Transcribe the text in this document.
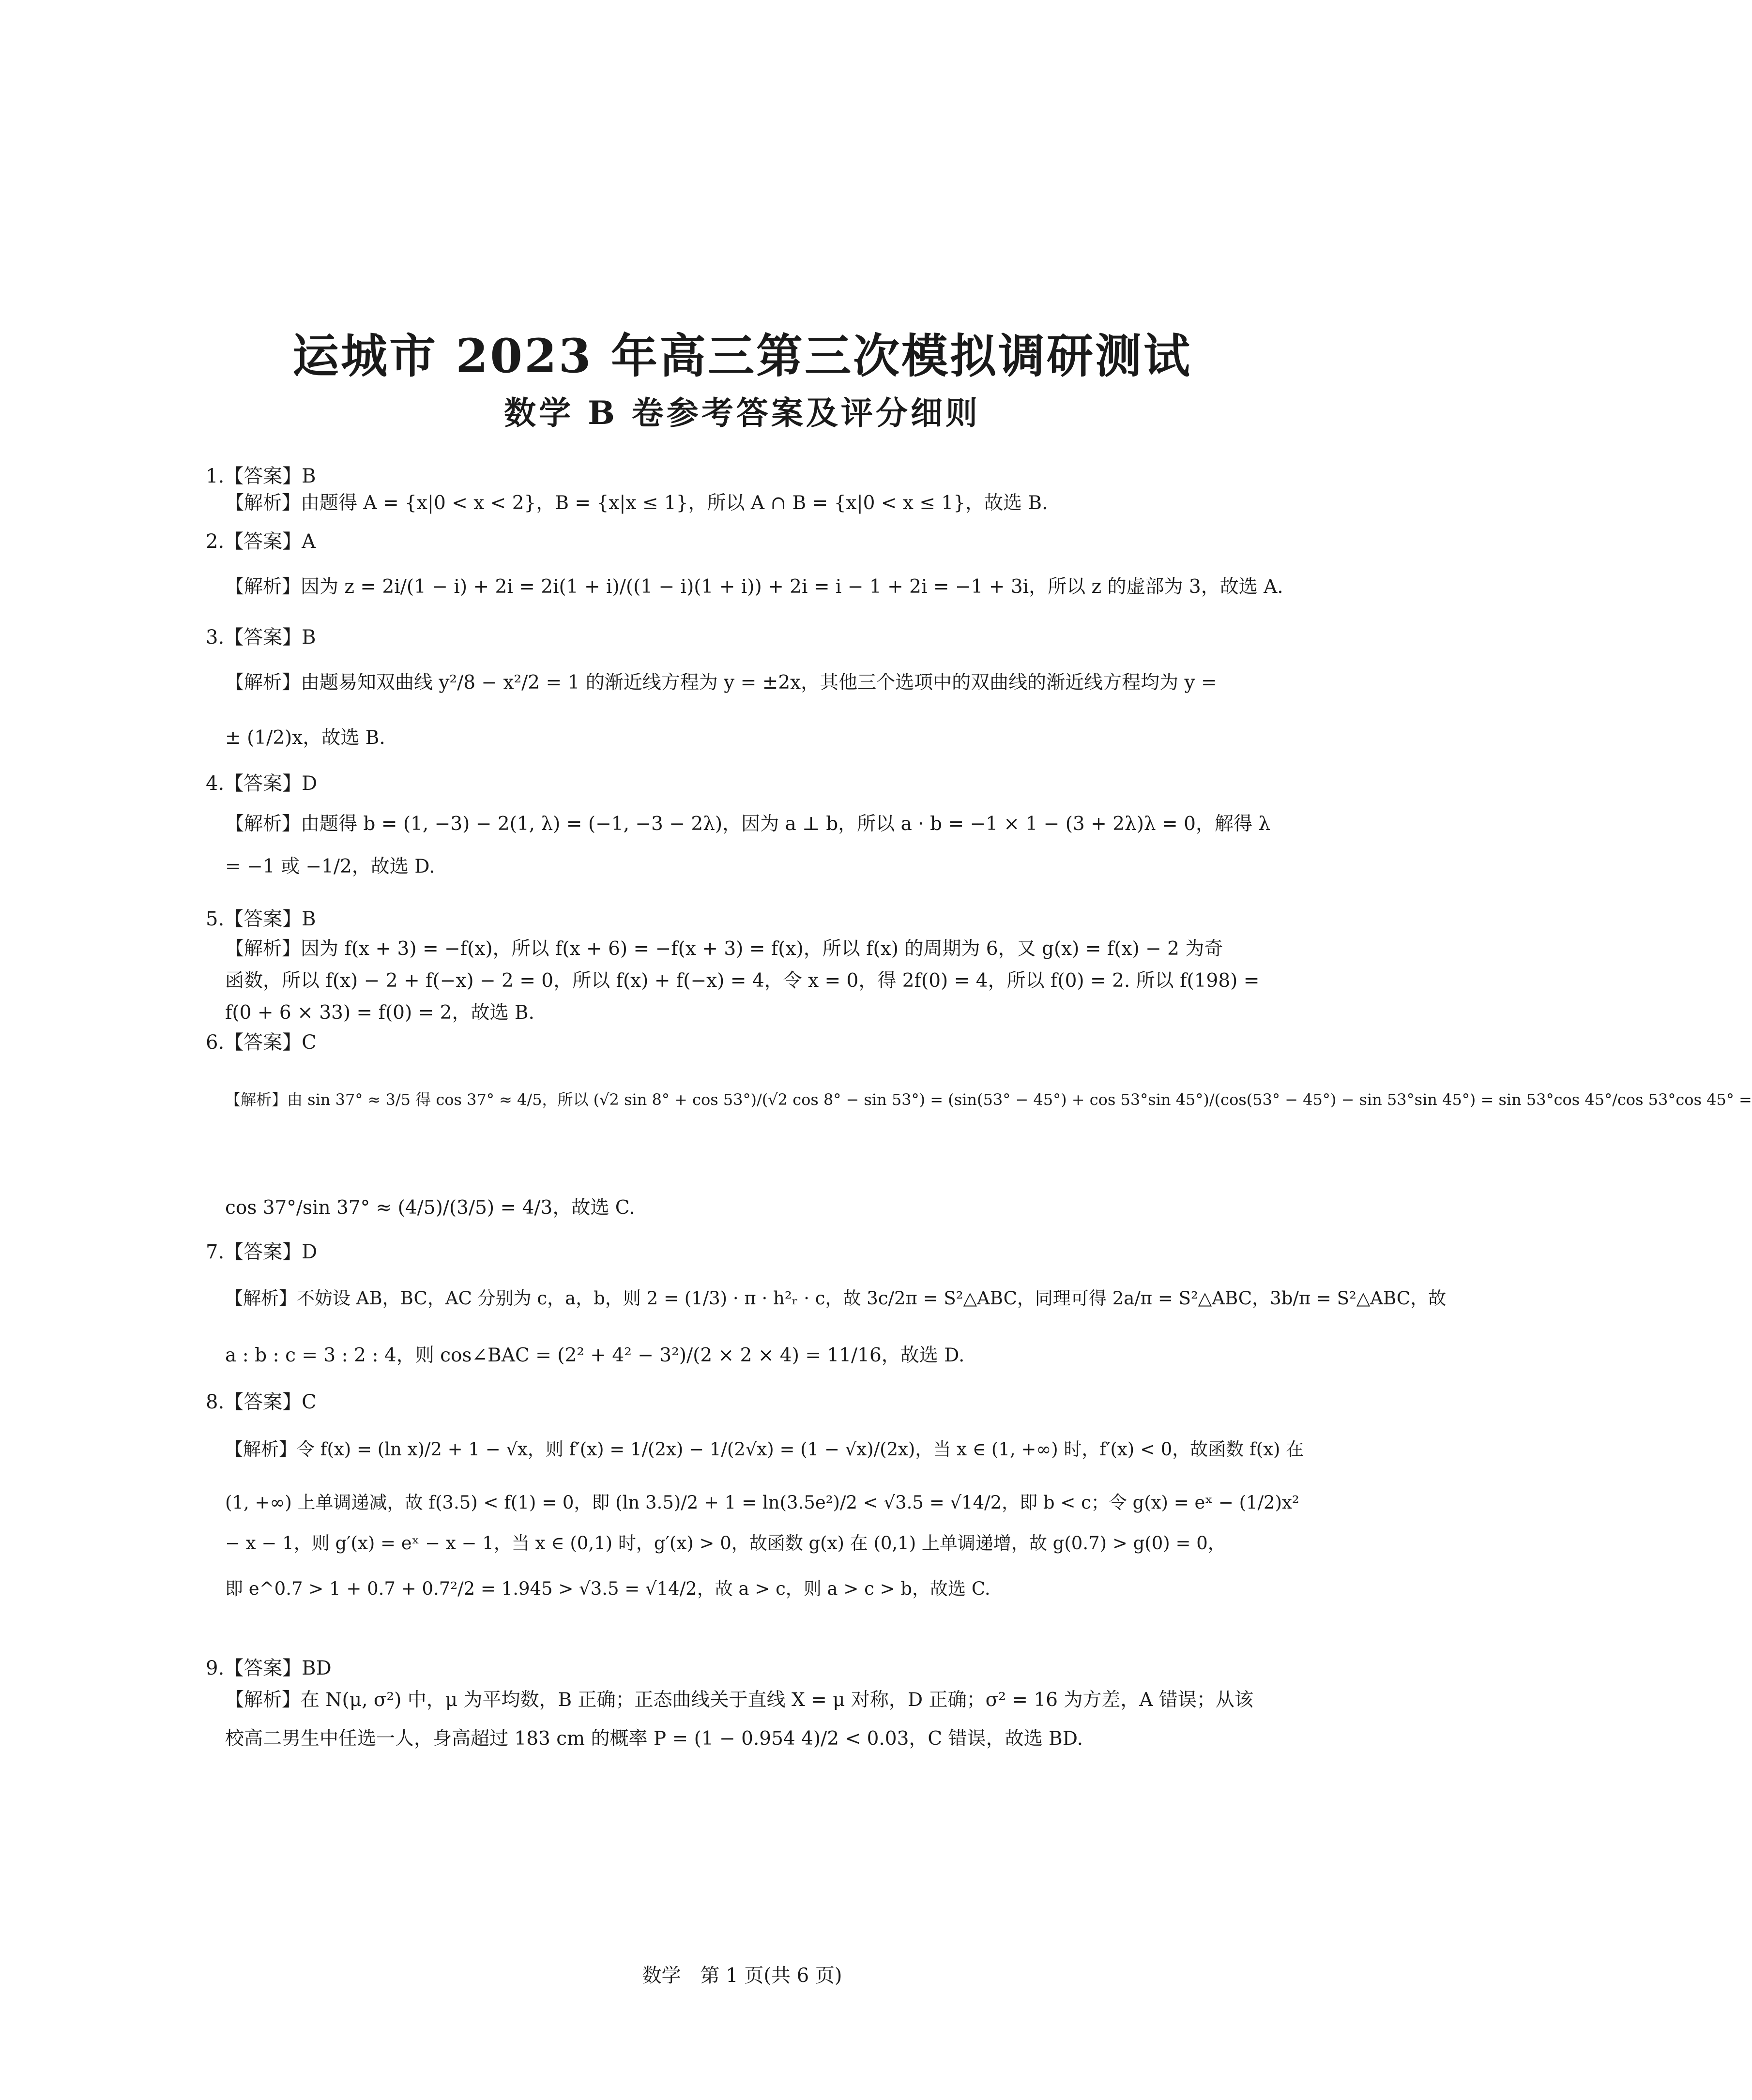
运城市 2023 年高三第三次模拟调研测试
数学 B 卷参考答案及评分细则
1.【答案】B
【解析】由题得 A = {x|0 < x < 2}，B = {x|x ≤ 1}，所以 A ∩ B = {x|0 < x ≤ 1}，故选 B.
2.【答案】A
【解析】因为 z = 2i/(1 − i) + 2i = 2i(1 + i)/((1 − i)(1 + i)) + 2i = i − 1 + 2i = −1 + 3i，所以 z 的虚部为 3，故选 A.
3.【答案】B
【解析】由题易知双曲线 y²/8 − x²/2 = 1 的渐近线方程为 y = ±2x，其他三个选项中的双曲线的渐近线方程均为 y =
± (1/2)x，故选 B.
4.【答案】D
【解析】由题得 b = (1, −3) − 2(1, λ) = (−1, −3 − 2λ)，因为 a ⊥ b，所以 a · b = −1 × 1 − (3 + 2λ)λ = 0，解得 λ
= −1 或 −1/2，故选 D.
5.【答案】B
【解析】因为 f(x + 3) = −f(x)，所以 f(x + 6) = −f(x + 3) = f(x)，所以 f(x) 的周期为 6，又 g(x) = f(x) − 2 为奇
函数，所以 f(x) − 2 + f(−x) − 2 = 0，所以 f(x) + f(−x) = 4，令 x = 0，得 2f(0) = 4，所以 f(0) = 2. 所以 f(198) =
f(0 + 6 × 33) = f(0) = 2，故选 B.
6.【答案】C
【解析】由 sin 37° ≈ 3/5 得 cos 37° ≈ 4/5，所以 (√2 sin 8° + cos 53°)/(√2 cos 8° − sin 53°) = (sin(53° − 45°) + cos 53°sin 45°)/(cos(53° − 45°) − sin 53°sin 45°) = sin 53°cos 45°/cos 53°cos 45° =
cos 37°/sin 37° ≈ (4/5)/(3/5) = 4/3，故选 C.
7.【答案】D
【解析】不妨设 AB，BC，AC 分别为 c，a，b，则 2 = (1/3) · π · h²ᵣ · c，故 3c/2π = S²△ABC，同理可得 2a/π = S²△ABC，3b/π = S²△ABC，故
a : b : c = 3 : 2 : 4，则 cos∠BAC = (2² + 4² − 3²)/(2 × 2 × 4) = 11/16，故选 D.
8.【答案】C
【解析】令 f(x) = (ln x)/2 + 1 − √x，则 f′(x) = 1/(2x) − 1/(2√x) = (1 − √x)/(2x)，当 x ∈ (1, +∞) 时，f′(x) < 0，故函数 f(x) 在
(1, +∞) 上单调递减，故 f(3.5) < f(1) = 0，即 (ln 3.5)/2 + 1 = ln(3.5e²)/2 < √3.5 = √14/2，即 b < c；令 g(x) = eˣ − (1/2)x²
− x − 1，则 g′(x) = eˣ − x − 1，当 x ∈ (0,1) 时，g′(x) > 0，故函数 g(x) 在 (0,1) 上单调递增，故 g(0.7) > g(0) = 0，
即 e^0.7 > 1 + 0.7 + 0.7²/2 = 1.945 > √3.5 = √14/2，故 a > c，则 a > c > b，故选 C.
9.【答案】BD
【解析】在 N(μ, σ²) 中，μ 为平均数，B 正确；正态曲线关于直线 X = μ 对称，D 正确；σ² = 16 为方差，A 错误；从该
校高二男生中任选一人，身高超过 183 cm 的概率 P = (1 − 0.954 4)/2 < 0.03，C 错误，故选 BD.
数学　第 1 页(共 6 页)
